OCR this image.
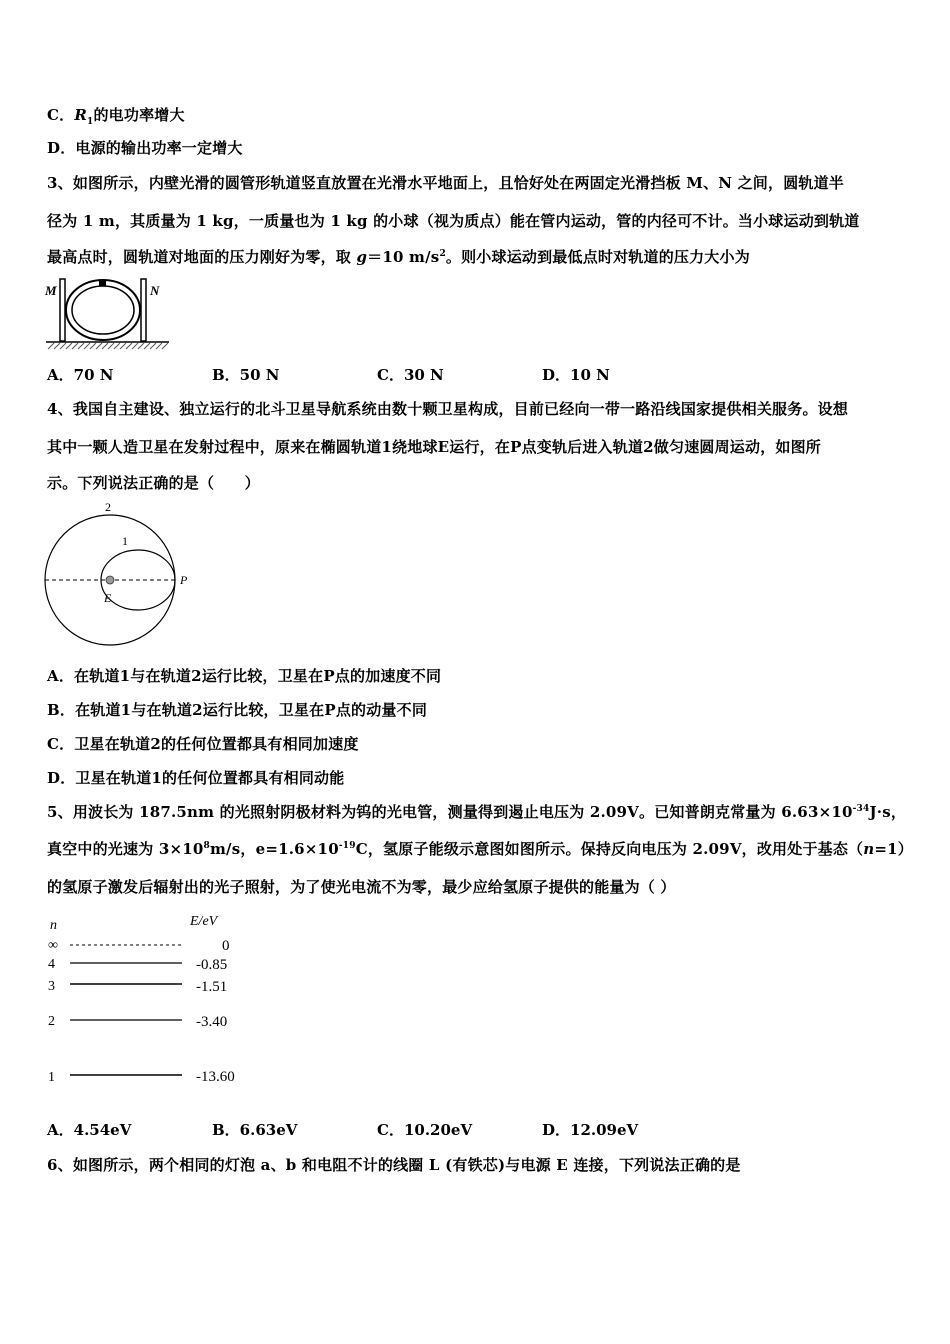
C．$R_1$的电功率增大
D．电源的输出功率一定增大
3、如图所示，内壁光滑的圆管形轨道竖直放置在光滑水平地面上，且恰好处在两固定光滑挡板 M、N 之间，圆轨道半
径为 1 m，其质量为 1 kg，一质量也为 1 kg 的小球（视为质点）能在管内运动，管的内径可不计。当小球运动到轨道
最高点时，圆轨道对地面的压力刚好为零，取 g＝10 $m/s^2$。则小球运动到最低点时对轨道的压力大小为
M	N
A．70 N	B．50 N	C．30 N	D．10 N
4、我国自主建设、独立运行的北斗卫星导航系统由数十颗卫星构成，目前已经向一带一路沿线国家提供相关服务。设想
其中一颗人造卫星在发射过程中，原来在椭圆轨道1绕地球E运行，在P点变轨后进入轨道2做匀速圆周运动，如图所
示。下列说法正确的是（　　）
2
1
E
P
A．在轨道1与在轨道2运行比较，卫星在P点的加速度不同
B．在轨道1与在轨道2运行比较，卫星在P点的动量不同
C．卫星在轨道2的任何位置都具有相同加速度
D．卫星在轨道1的任何位置都具有相同动能
5、用波长为 187.5nm 的光照射阴极材料为钨的光电管，测量得到遏止电压为 2.09V。已知普朗克常量为 $6.63\times 10^{-34}J\cdot s$，
真空中的光速为 $3\times 10^8m/s$，$e=1.6\times 10^{-19}C$，氢原子能级示意图如图所示。保持反向电压为 2.09V，改用处于基态（n=1）
的氢原子激发后辐射出的光子照射，为了使光电流不为零，最少应给氢原子提供的能量为（ ）
n	E/eV
∞	0
4	-0.85
3	-1.51
2	-3.40
1	-13.60
A．4.54eV	B．6.63eV	C．10.20eV	D．12.09eV
6、如图所示，两个相同的灯泡 a、b 和电阻不计的线圈 L (有铁芯)与电源 E 连接，下列说法正确的是
